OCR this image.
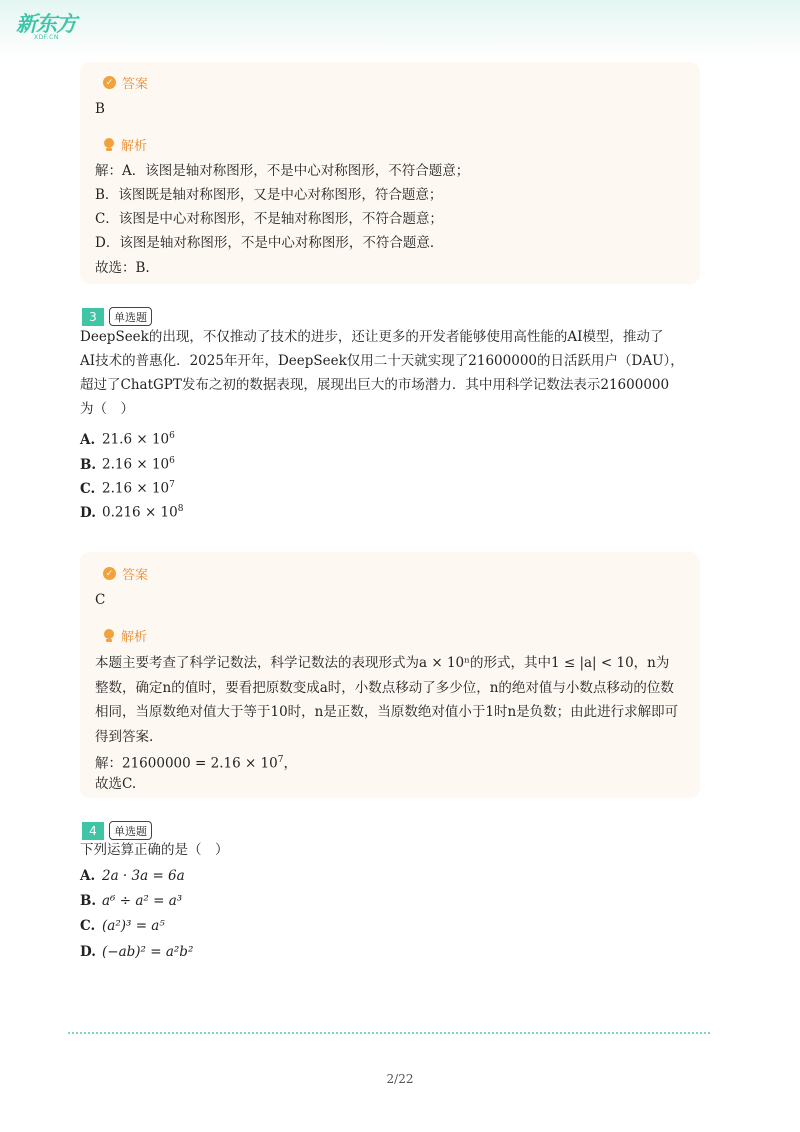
新东方
XDF.CN
✓ 答案
B
解析
解：A．该图是轴对称图形，不是中心对称图形，不符合题意；
B．该图既是轴对称图形，又是中心对称图形，符合题意；
C．该图是中心对称图形，不是轴对称图形，不符合题意；
D．该图是轴对称图形，不是中心对称图形，不符合题意．
故选：B.
3	单选题
DeepSeek的出现，不仅推动了技术的进步，还让更多的开发者能够使用高性能的AI模型，推动了
AI技术的普惠化．2025年开年，DeepSeek仅用二十天就实现了21600000的日活跃用户（DAU），
超过了ChatGPT发布之初的数据表现，展现出巨大的市场潜力．其中用科学记数法表示21600000
为（　）
A. $21.6 \times 10^6$
B. $2.16 \times 10^6$
C. $2.16 \times 10^7$
D. $0.216 \times 10^8$
✓ 答案
C
解析
本题主要考查了科学记数法，科学记数法的表现形式为a × 10ⁿ的形式，其中1 ≤ |a| < 10，n为整数，确定n的值时，要看把原数变成a时，小数点移动了多少位，n的绝对值与小数点移动的位数相同，当原数绝对值大于等于10时，n是正数，当原数绝对值小于1时n是负数；由此进行求解即可得到答案.
解：$21600000 = 2.16 \times 10^7$，
故选C.
4	单选题
下列运算正确的是（　）
A. 2a · 3a = 6a
B. a⁶ ÷ a² = a³
C. (a²)³ = a⁵
D. (−ab)² = a²b²
2/22
